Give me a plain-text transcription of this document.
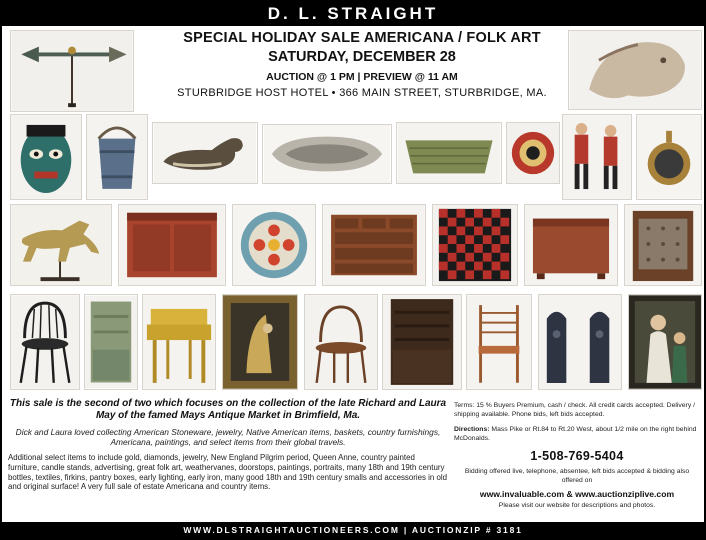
D. L. STRAIGHT
SPECIAL HOLIDAY SALE AMERICANA / FOLK ART
SATURDAY, DECEMBER 28
AUCTION @ 1 PM | PREVIEW @ 11 AM
STURBRIDGE HOST HOTEL • 366 MAIN STREET, STURBRIDGE, MA.
This sale is the second of two which focuses on the collection of the late Richard and Laura May of the famed Mays Antique Market in Brimfield, Ma.
Dick and Laura loved collecting American Stoneware, jewelry, Native American items, baskets, country furnishings, Americana, paintings, and select items from their global travels.
Additional select items to include gold, diamonds, jewelry, New England Pilgrim period, Queen Anne, country painted furniture, candle stands, advertising, great folk art, weathervanes, doorstops, paintings, portraits, many 18th and 19th century bottles, textiles, firkins, pantry boxes, early lighting, early iron, many good 18th and 19th century smalls and accessories in old and original surface! A very full sale of estate Americana and country items.
Terms: 15 % Buyers Premium, cash / check. All credit cards accepted. Delivery / shipping available. Phone bids, left bids accepted.
Directions: Mass Pike or Rt.84 to Rt.20 West, about 1/2 mile on the right behind McDonalds.
1-508-769-5404
Bidding offered live, telephone, absentee, left bids accepted & bidding also offered on
www.invaluable.com & www.auctionziplive.com
Please visit our website for descriptions and photos.
WWW.DLSTRAIGHTAUCTIONEERS.COM | AUCTIONZIP # 3181
